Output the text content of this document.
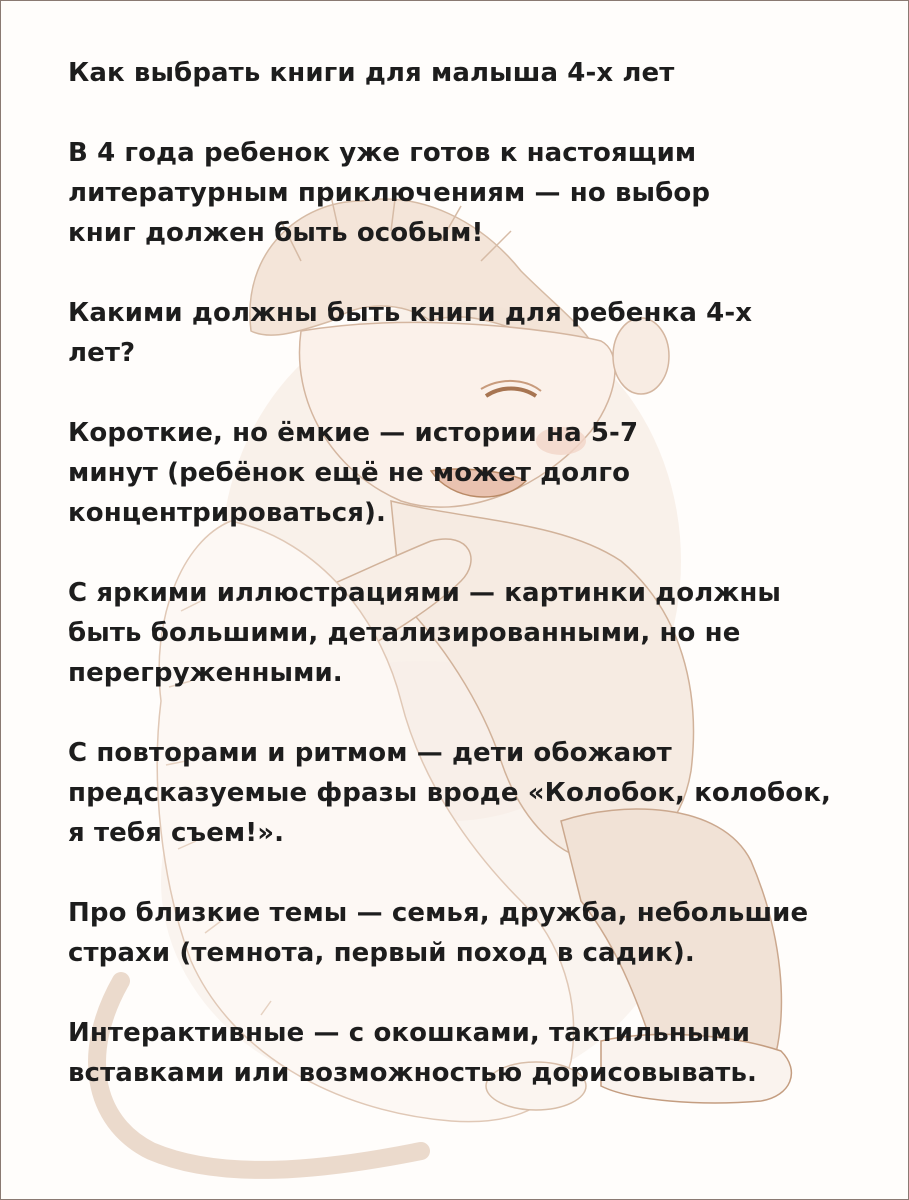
Как выбрать книги для малыша 4-х лет

В 4 года ребенок уже готов к настоящим
литературным приключениям — но выбор
книг должен быть особым!

Какими должны быть книги для ребенка 4-х
лет?

Короткие, но ёмкие — истории на 5-7
минут (ребёнок ещё не может долго
концентрироваться).

С яркими иллюстрациями — картинки должны
быть большими, детализированными, но не
перегруженными.

С повторами и ритмом — дети обожают
предсказуемые фразы вроде «Колобок, колобок,
я тебя съем!».

Про близкие темы — семья, дружба, небольшие
страхи (темнота, первый поход в садик).

Интерактивные — с окошками, тактильными
вставками или возможностью дорисовывать.
